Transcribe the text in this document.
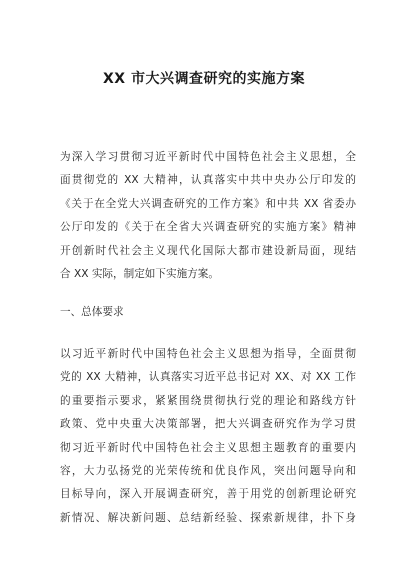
XX 市大兴调查研究的实施方案
为深入学习贯彻习近平新时代中国特色社会主义思想，全
面贯彻党的 XX 大精神，认真落实中共中央办公厅印发的
《关于在全党大兴调查研究的工作方案》和中共 XX 省委办
公厅印发的《关于在全省大兴调查研究的实施方案》精神
开创新时代社会主义现代化国际大都市建设新局面，现结
合 XX 实际，制定如下实施方案。
一、总体要求
以习近平新时代中国特色社会主义思想为指导，全面贯彻
党的 XX 大精神，认真落实习近平总书记对 XX、对 XX 工作
的重要指示要求，紧紧围绕贯彻执行党的理论和路线方针
政策、党中央重大决策部署，把大兴调查研究作为学习贯
彻习近平新时代中国特色社会主义思想主题教育的重要内
容，大力弘扬党的光荣传统和优良作风，突出问题导向和
目标导向，深入开展调查研究，善于用党的创新理论研究
新情况、解决新问题、总结新经验、探索新规律，扑下身
